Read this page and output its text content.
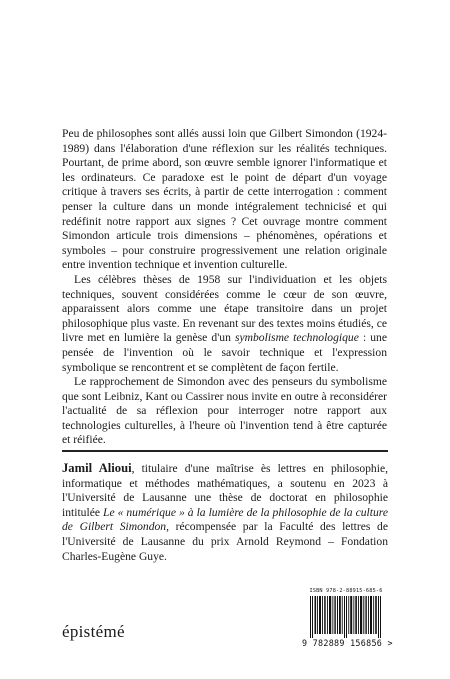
Peu de philosophes sont allés aussi loin que Gilbert Simondon (1924-1989) dans l'élaboration d'une réflexion sur les réalités techniques. Pourtant, de prime abord, son œuvre semble ignorer l'informatique et les ordinateurs. Ce paradoxe est le point de départ d'un voyage critique à travers ses écrits, à partir de cette interrogation : comment penser la culture dans un monde intégralement technicisé et qui redéfinit notre rapport aux signes ? Cet ouvrage montre comment Simondon articule trois dimensions – phénomènes, opérations et symboles – pour construire progressivement une relation originale entre invention technique et invention culturelle.

Les célèbres thèses de 1958 sur l'individuation et les objets techniques, souvent considérées comme le cœur de son œuvre, apparaissent alors comme une étape transitoire dans un projet philosophique plus vaste. En revenant sur des textes moins étudiés, ce livre met en lumière la genèse d'un symbolisme technologique : une pensée de l'invention où le savoir technique et l'expression symbolique se rencontrent et se complètent de façon fertile.

Le rapprochement de Simondon avec des penseurs du symbolisme que sont Leibniz, Kant ou Cassirer nous invite en outre à reconsidérer l'actualité de sa réflexion pour interroger notre rapport aux technologies culturelles, à l'heure où l'invention tend à être capturée et réifiée.

Jamil Alioui, titulaire d'une maîtrise ès lettres en philosophie, informatique et méthodes mathématiques, a soutenu en 2023 à l'Université de Lausanne une thèse de doctorat en philosophie intitulée Le « numérique » à la lumière de la philosophie de la culture de Gilbert Simondon, récompensée par la Faculté des lettres de l'Université de Lausanne du prix Arnold Reymond – Fondation Charles-Eugène Guye.

épistémé
ISBN 978-2-88915-685-6
9 782889 156856 >
